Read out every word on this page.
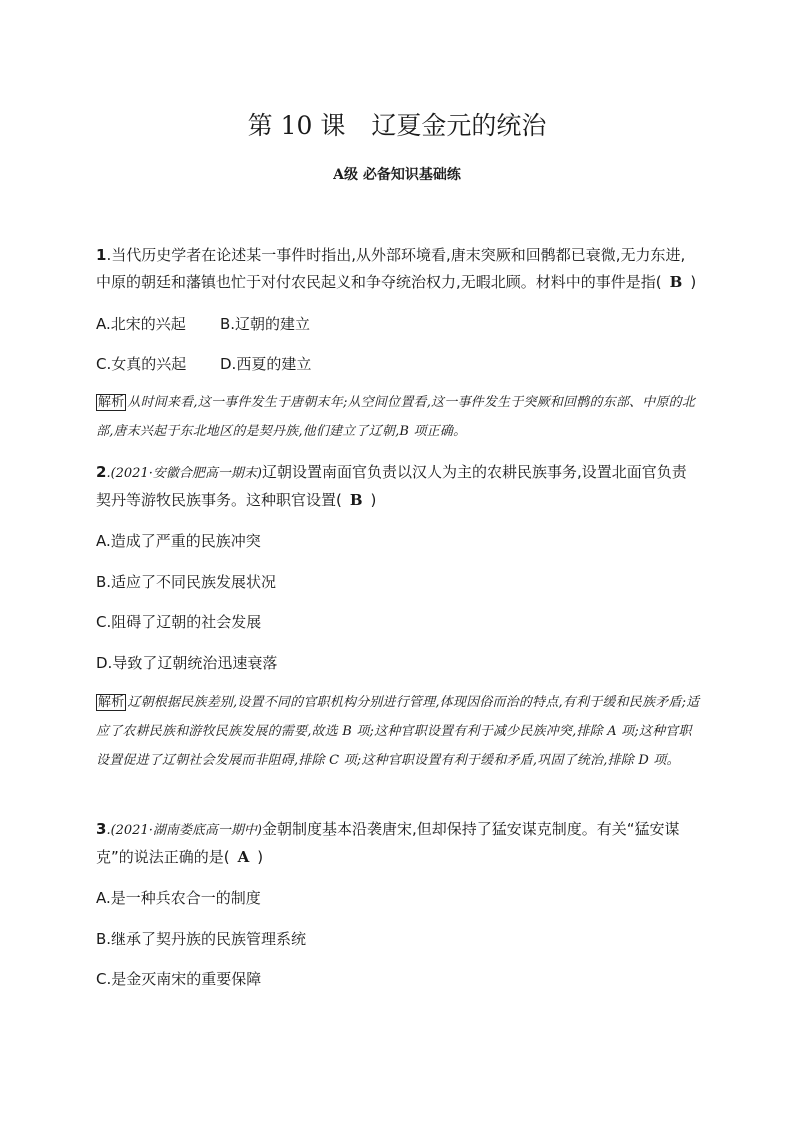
第 10 课 辽夏金元的统治
A级 必备知识基础练

1.当代历史学者在论述某一事件时指出,从外部环境看,唐末突厥和回鹘都已衰微,无力东进,中原的朝廷和藩镇也忙于对付农民起义和争夺统治权力,无暇北顾。材料中的事件是指( B )

A.北宋的兴起 B.辽朝的建立
C.女真的兴起 D.西夏的建立

解析 从时间来看,这一事件发生于唐朝末年;从空间位置看,这一事件发生于突厥和回鹘的东部、中原的北部,唐末兴起于东北地区的是契丹族,他们建立了辽朝,B 项正确。

2.(2021·安徽合肥高一期末)辽朝设置南面官负责以汉人为主的农耕民族事务,设置北面官负责契丹等游牧民族事务。这种职官设置( B )

A.造成了严重的民族冲突
B.适应了不同民族发展状况
C.阻碍了辽朝的社会发展
D.导致了辽朝统治迅速衰落

解析 辽朝根据民族差别,设置不同的官职机构分别进行管理,体现因俗而治的特点,有利于缓和民族矛盾;适应了农耕民族和游牧民族发展的需要,故选 B 项;这种官职设置有利于减少民族冲突,排除 A 项;这种官职设置促进了辽朝社会发展而非阻碍,排除 C 项;这种官职设置有利于缓和矛盾,巩固了统治,排除 D 项。

3.(2021·湖南娄底高一期中)金朝制度基本沿袭唐宋,但却保持了猛安谋克制度。有关“猛安谋克”的说法正确的是( A )

A.是一种兵农合一的制度
B.继承了契丹族的民族管理系统
C.是金灭南宋的重要保障
